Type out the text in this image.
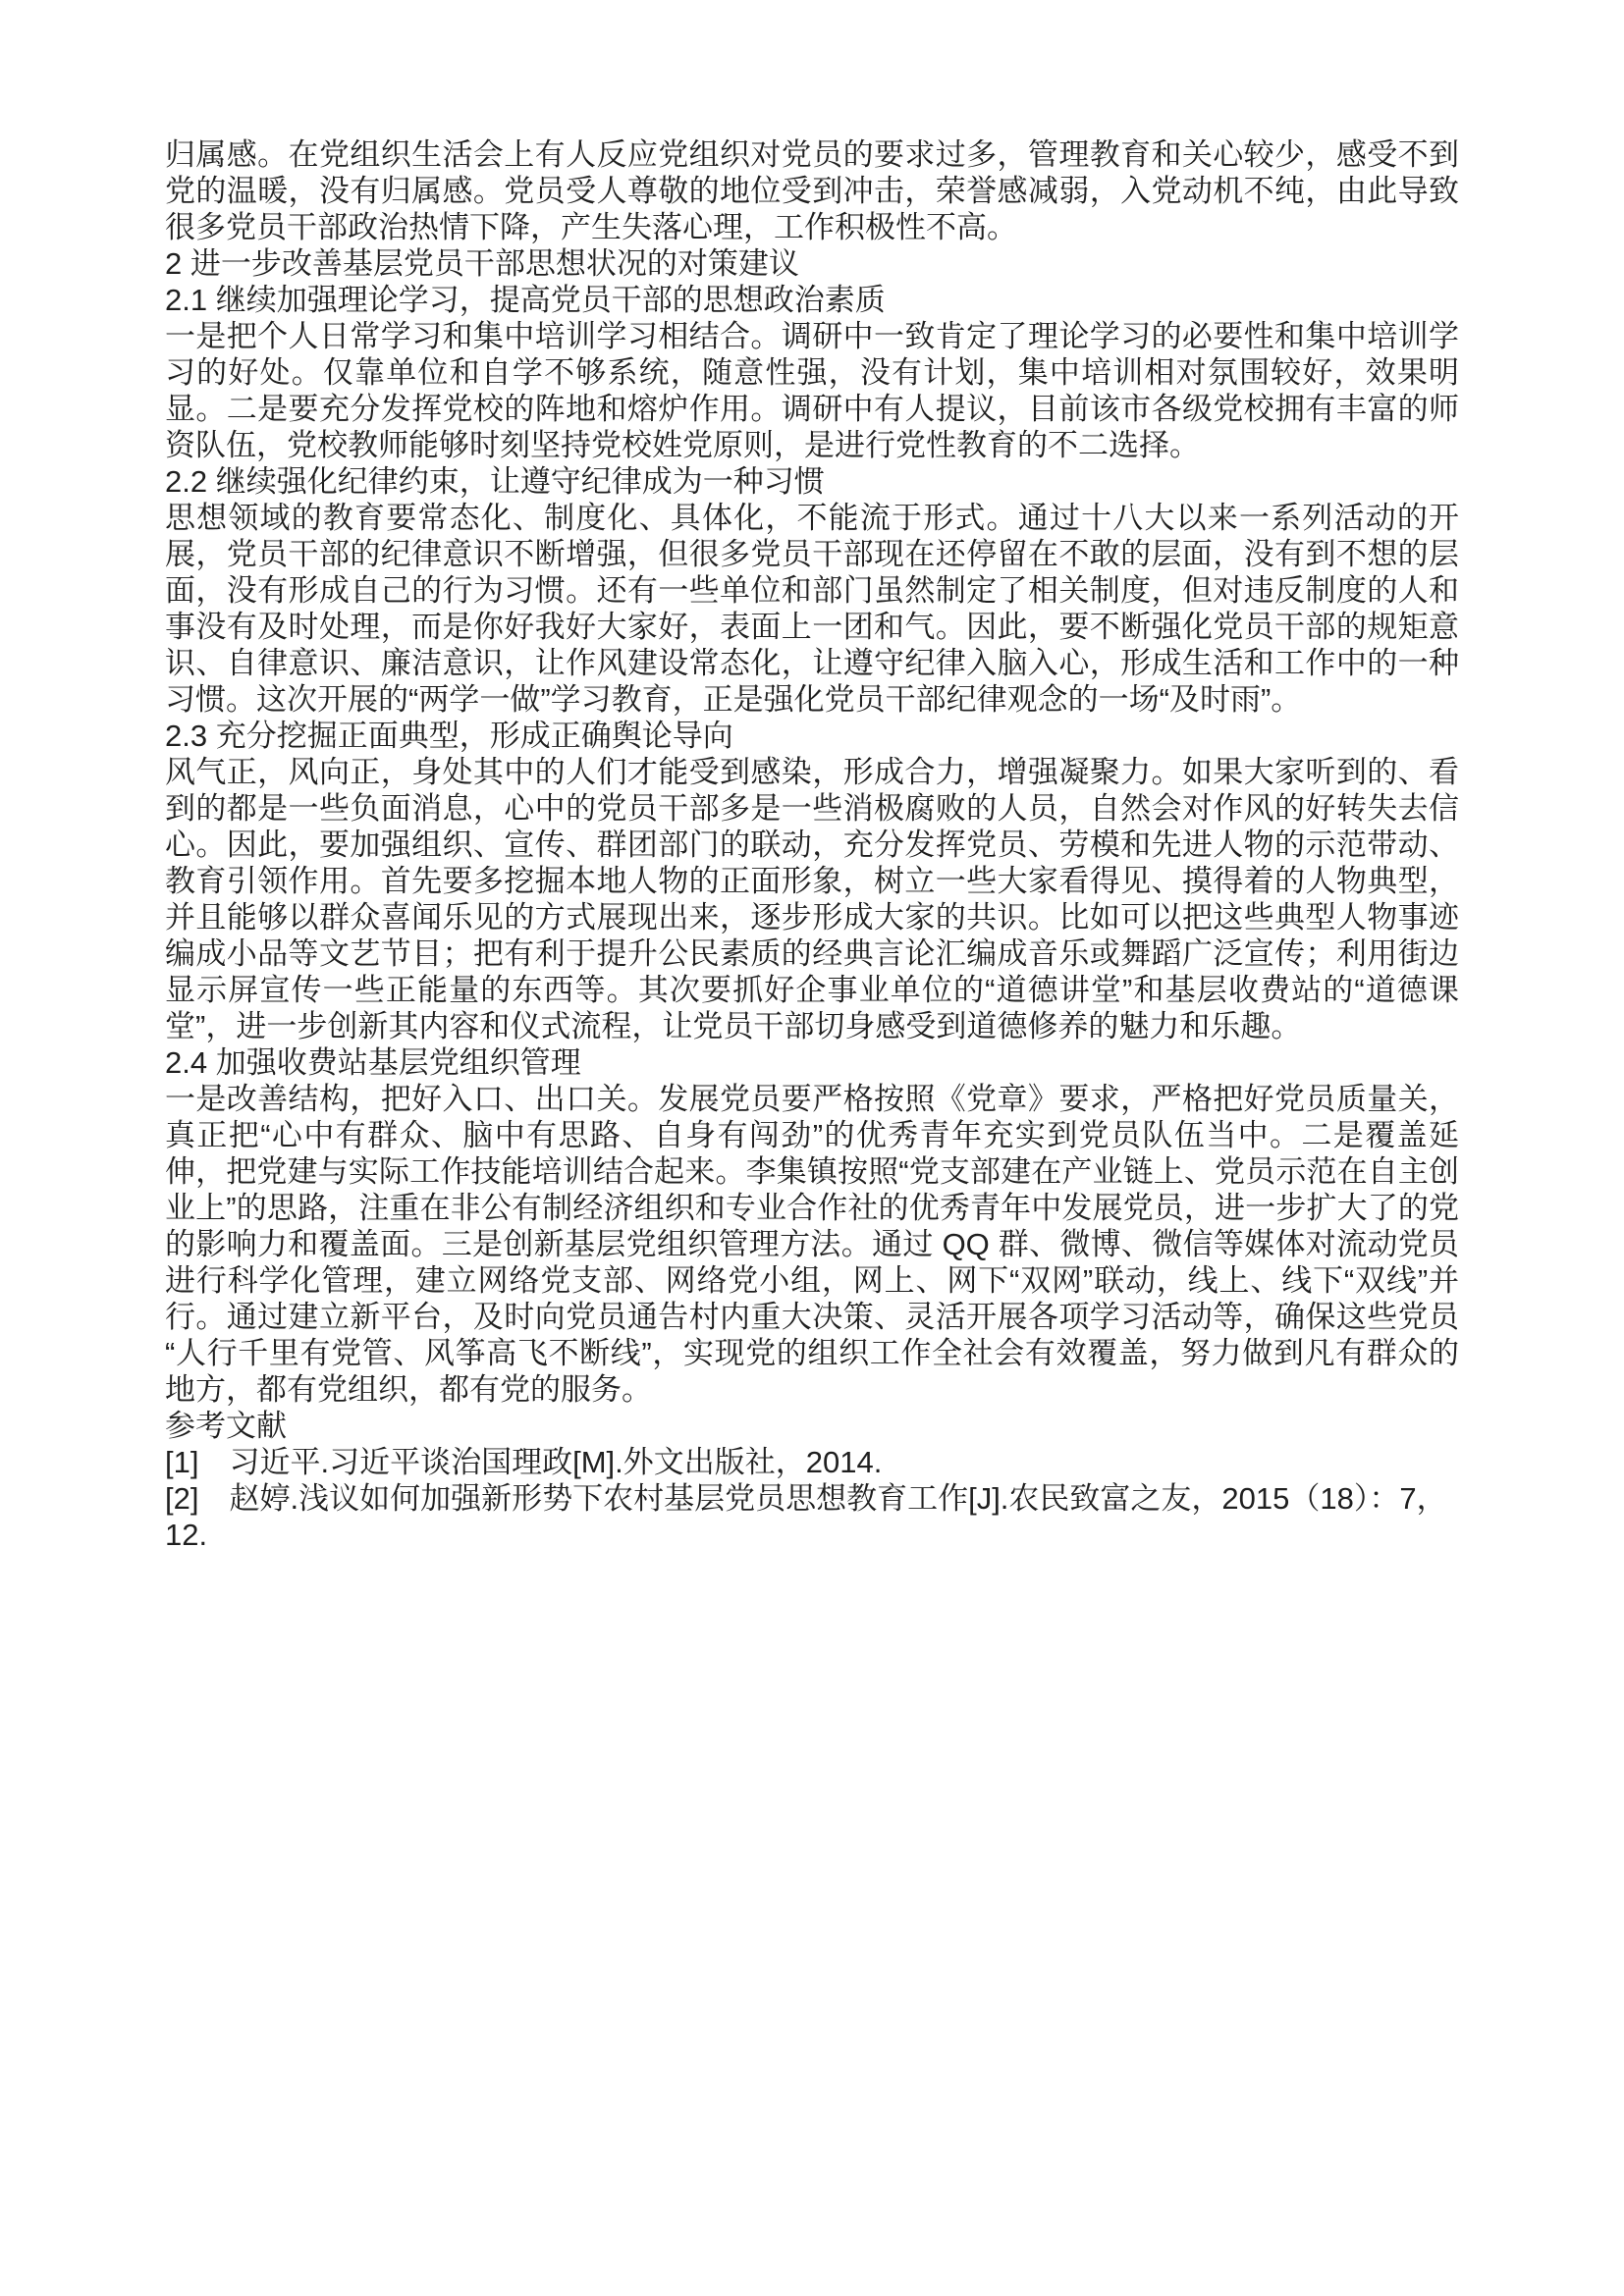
归属感。在党组织生活会上有人反应党组织对党员的要求过多，管理教育和关心较少，感受不到党的温暖，没有归属感。党员受人尊敬的地位受到冲击，荣誉感减弱，入党动机不纯，由此导致很多党员干部政治热情下降，产生失落心理，工作积极性不高。
2 进一步改善基层党员干部思想状况的对策建议
2.1 继续加强理论学习，提高党员干部的思想政治素质
一是把个人日常学习和集中培训学习相结合。调研中一致肯定了理论学习的必要性和集中培训学习的好处。仅靠单位和自学不够系统，随意性强，没有计划，集中培训相对氛围较好，效果明显。二是要充分发挥党校的阵地和熔炉作用。调研中有人提议，目前该市各级党校拥有丰富的师资队伍，党校教师能够时刻坚持党校姓党原则，是进行党性教育的不二选择。
2.2 继续强化纪律约束，让遵守纪律成为一种习惯
思想领域的教育要常态化、制度化、具体化，不能流于形式。通过十八大以来一系列活动的开展，党员干部的纪律意识不断增强，但很多党员干部现在还停留在不敢的层面，没有到不想的层面，没有形成自己的行为习惯。还有一些单位和部门虽然制定了相关制度，但对违反制度的人和事没有及时处理，而是你好我好大家好，表面上一团和气。因此，要不断强化党员干部的规矩意识、自律意识、廉洁意识，让作风建设常态化，让遵守纪律入脑入心，形成生活和工作中的一种习惯。这次开展的“两学一做”学习教育，正是强化党员干部纪律观念的一场“及时雨”。
2.3 充分挖掘正面典型，形成正确舆论导向
风气正，风向正，身处其中的人们才能受到感染，形成合力，增强凝聚力。如果大家听到的、看到的都是一些负面消息，心中的党员干部多是一些消极腐败的人员，自然会对作风的好转失去信心。因此，要加强组织、宣传、群团部门的联动，充分发挥党员、劳模和先进人物的示范带动、教育引领作用。首先要多挖掘本地人物的正面形象，树立一些大家看得见、摸得着的人物典型，并且能够以群众喜闻乐见的方式展现出来，逐步形成大家的共识。比如可以把这些典型人物事迹编成小品等文艺节目；把有利于提升公民素质的经典言论汇编成音乐或舞蹈广泛宣传；利用街边显示屏宣传一些正能量的东西等。其次要抓好企事业单位的“道德讲堂”和基层收费站的“道德课堂”，进一步创新其内容和仪式流程，让党员干部切身感受到道德修养的魅力和乐趣。
2.4 加强收费站基层党组织管理
一是改善结构，把好入口、出口关。发展党员要严格按照《党章》要求，严格把好党员质量关，真正把“心中有群众、脑中有思路、自身有闯劲”的优秀青年充实到党员队伍当中。二是覆盖延伸，把党建与实际工作技能培训结合起来。李集镇按照“党支部建在产业链上、党员示范在自主创业上”的思路，注重在非公有制经济组织和专业合作社的优秀青年中发展党员，进一步扩大了的党的影响力和覆盖面。三是创新基层党组织管理方法。通过 QQ 群、微博、微信等媒体对流动党员进行科学化管理，建立网络党支部、网络党小组，网上、网下“双网”联动，线上、线下“双线”并行。通过建立新平台，及时向党员通告村内重大决策、灵活开展各项学习活动等，确保这些党员“人行千里有党管、风筝高飞不断线”，实现党的组织工作全社会有效覆盖，努力做到凡有群众的地方，都有党组织，都有党的服务。
参考文献
[1]　习近平.习近平谈治国理政[M].外文出版社，2014.
[2]　赵婷.浅议如何加强新形势下农村基层党员思想教育工作[J].农民致富之友，2015（18）：7，12.
